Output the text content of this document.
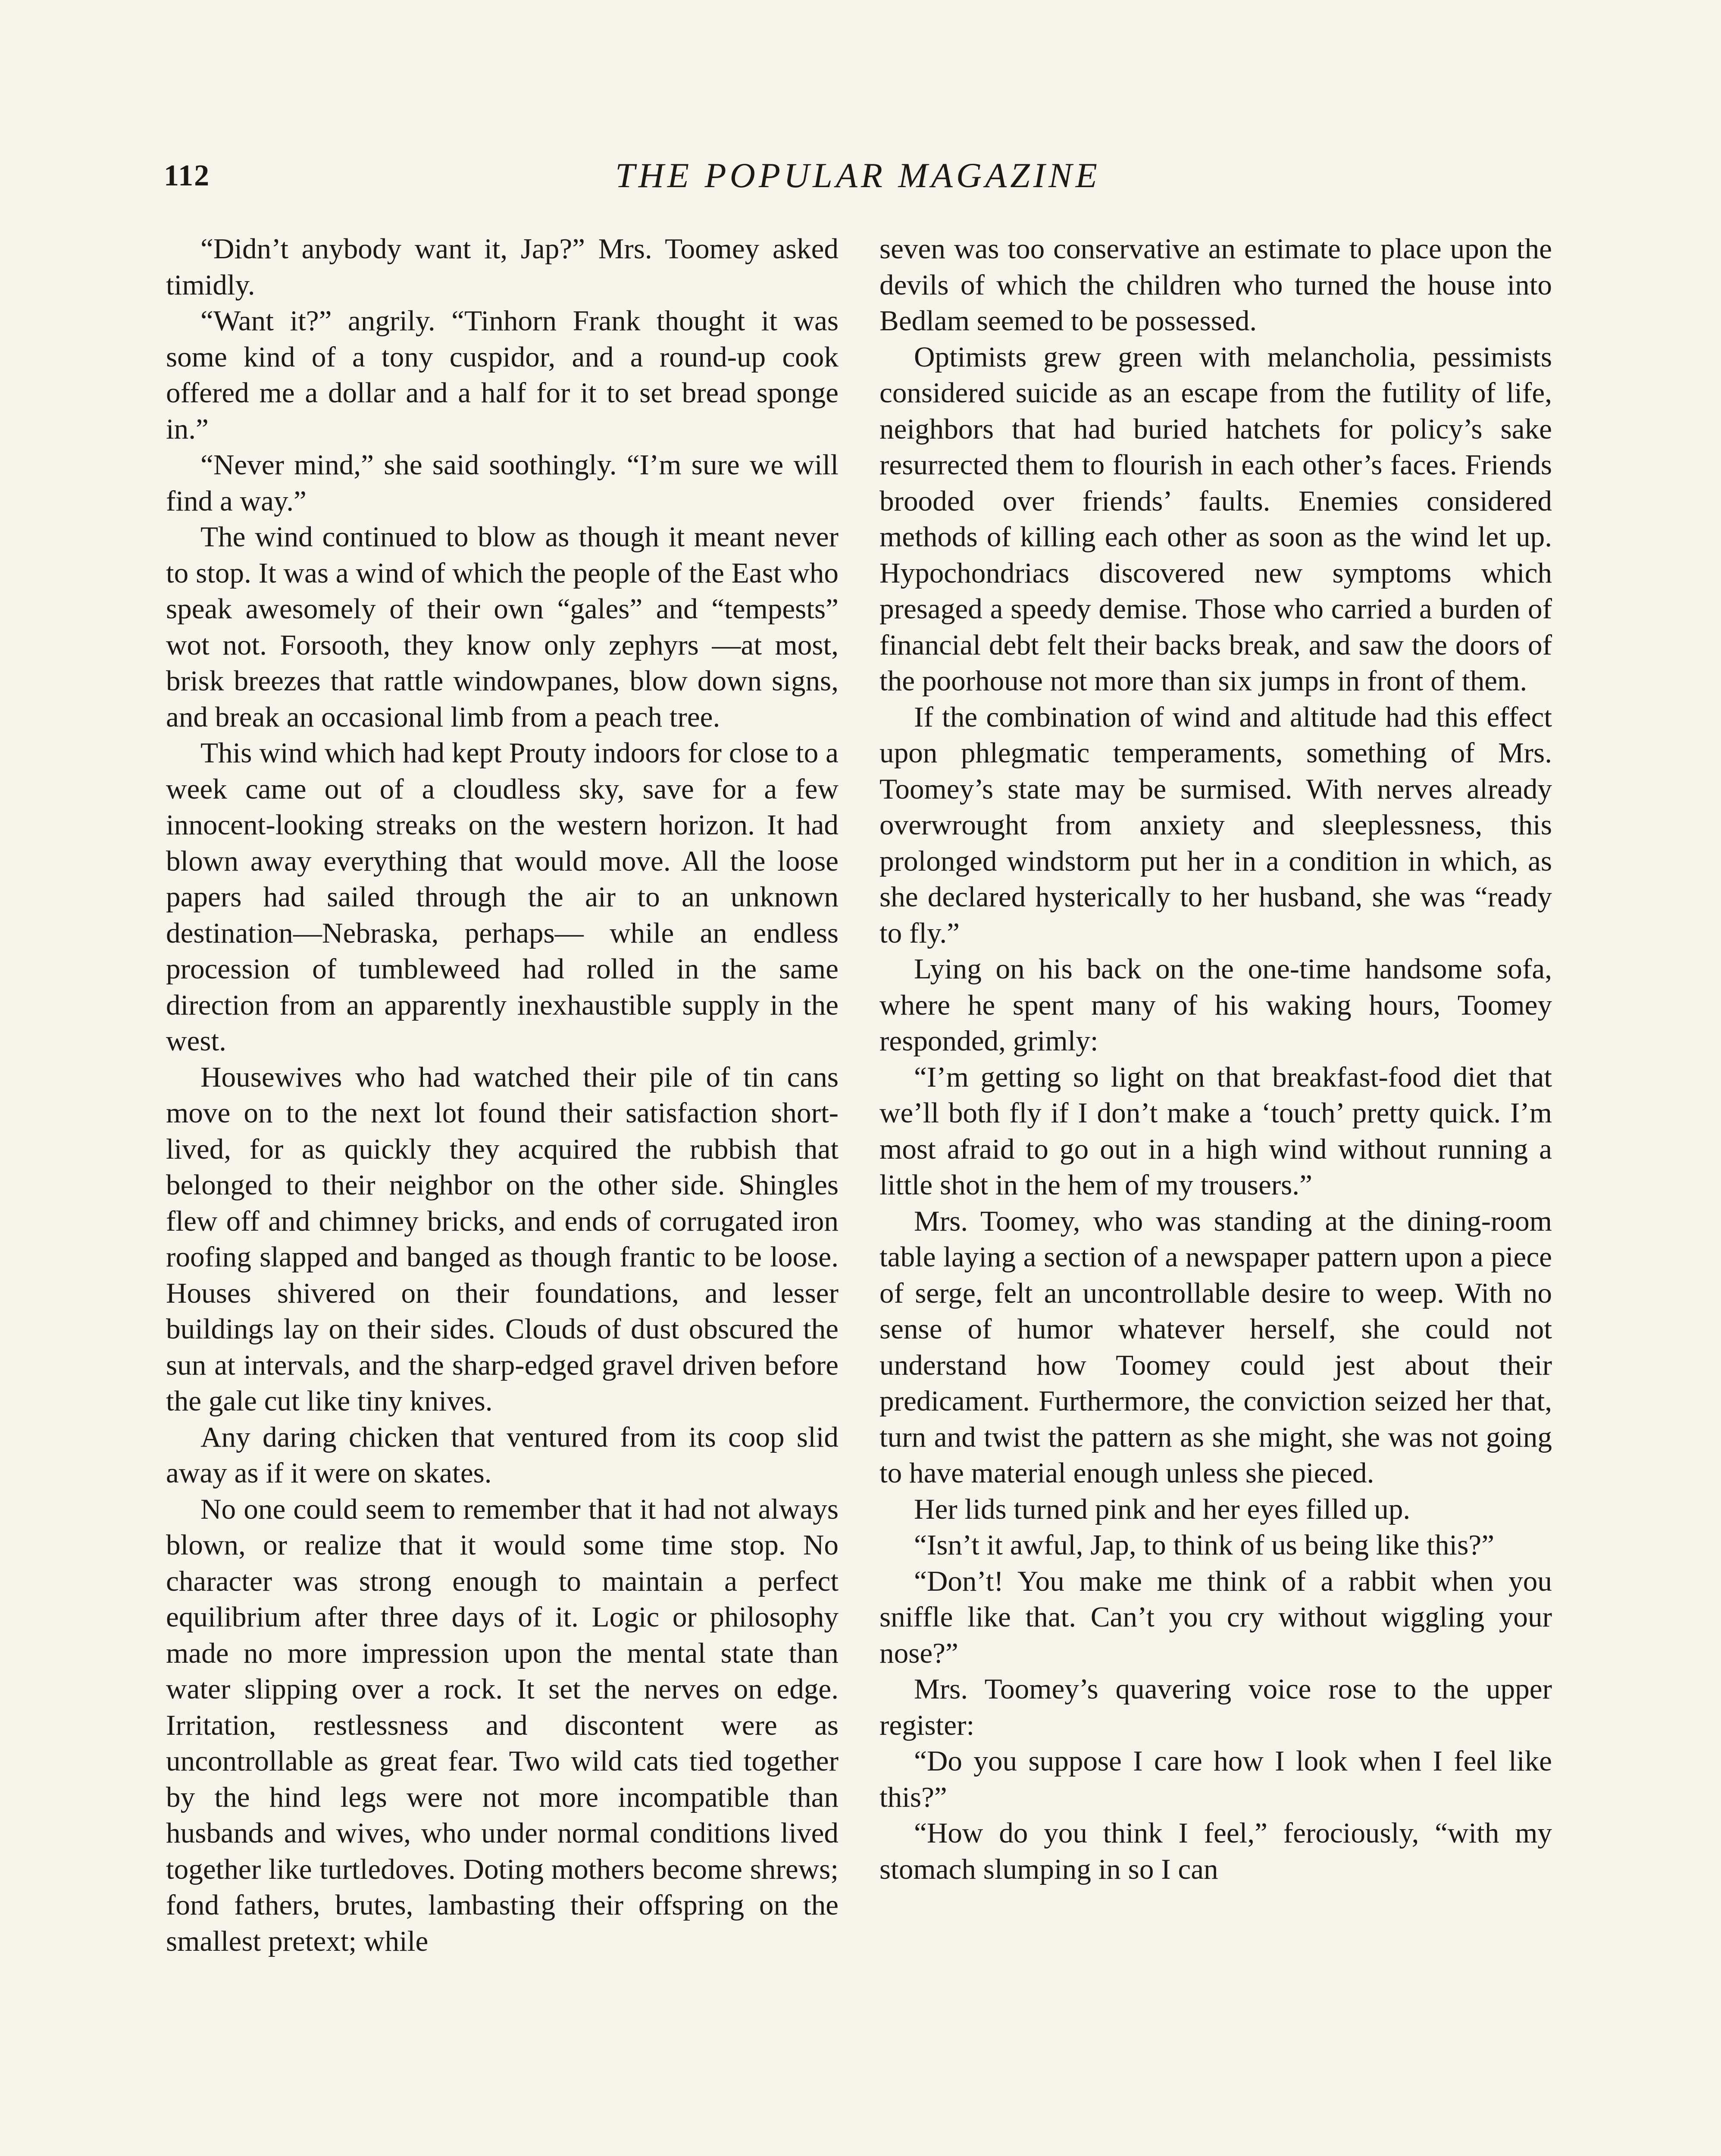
112	THE POPULAR MAGAZINE

“Didn’t anybody want it, Jap?” Mrs. Toomey asked timidly.

“Want it?” angrily. “Tinhorn Frank thought it was some kind of a tony cuspidor, and a round-up cook offered me a dollar and a half for it to set bread sponge in.”

“Never mind,” she said soothingly. “I’m sure we will find a way.”

The wind continued to blow as though it meant never to stop. It was a wind of which the people of the East who speak awesomely of their own “gales” and “tempests” wot not. Forsooth, they know only zephyrs —at most, brisk breezes that rattle windowpanes, blow down signs, and break an occasional limb from a peach tree.

This wind which had kept Prouty indoors for close to a week came out of a cloudless sky, save for a few innocent-looking streaks on the western horizon. It had blown away everything that would move. All the loose papers had sailed through the air to an unknown destination—Nebraska, perhaps— while an endless procession of tumbleweed had rolled in the same direction from an apparently inexhaustible supply in the west.

Housewives who had watched their pile of tin cans move on to the next lot found their satisfaction short-lived, for as quickly they acquired the rubbish that belonged to their neighbor on the other side. Shingles flew off and chimney bricks, and ends of corrugated iron roofing slapped and banged as though frantic to be loose. Houses shivered on their foundations, and lesser buildings lay on their sides. Clouds of dust obscured the sun at intervals, and the sharp-edged gravel driven before the gale cut like tiny knives.

Any daring chicken that ventured from its coop slid away as if it were on skates.

No one could seem to remember that it had not always blown, or realize that it would some time stop. No character was strong enough to maintain a perfect equilibrium after three days of it. Logic or philosophy made no more impression upon the mental state than water slipping over a rock. It set the nerves on edge. Irritation, restlessness and discontent were as uncontrollable as great fear. Two wild cats tied together by the hind legs were not more incompatible than husbands and wives, who under normal conditions lived together like turtledoves. Doting mothers become shrews; fond fathers, brutes, lambasting their offspring on the smallest pretext; while

seven was too conservative an estimate to place upon the devils of which the children who turned the house into Bedlam seemed to be possessed.

Optimists grew green with melancholia, pessimists considered suicide as an escape from the futility of life, neighbors that had buried hatchets for policy’s sake resurrected them to flourish in each other’s faces. Friends brooded over friends’ faults. Enemies considered methods of killing each other as soon as the wind let up. Hypochondriacs discovered new symptoms which presaged a speedy demise. Those who carried a burden of financial debt felt their backs break, and saw the doors of the poorhouse not more than six jumps in front of them.

If the combination of wind and altitude had this effect upon phlegmatic temperaments, something of Mrs. Toomey’s state may be surmised. With nerves already overwrought from anxiety and sleeplessness, this prolonged windstorm put her in a condition in which, as she declared hysterically to her husband, she was “ready to fly.”

Lying on his back on the one-time handsome sofa, where he spent many of his waking hours, Toomey responded, grimly:

“I’m getting so light on that breakfast-food diet that we’ll both fly if I don’t make a ‘touch’ pretty quick. I’m most afraid to go out in a high wind without running a little shot in the hem of my trousers.”

Mrs. Toomey, who was standing at the dining-room table laying a section of a newspaper pattern upon a piece of serge, felt an uncontrollable desire to weep. With no sense of humor whatever herself, she could not understand how Toomey could jest about their predicament. Furthermore, the conviction seized her that, turn and twist the pattern as she might, she was not going to have material enough unless she pieced.

Her lids turned pink and her eyes filled up.

“Isn’t it awful, Jap, to think of us being like this?”

“Don’t! You make me think of a rabbit when you sniffle like that. Can’t you cry without wiggling your nose?”

Mrs. Toomey’s quavering voice rose to the upper register:

“Do you suppose I care how I look when I feel like this?”

“How do you think I feel,” ferociously, “with my stomach slumping in so I can
